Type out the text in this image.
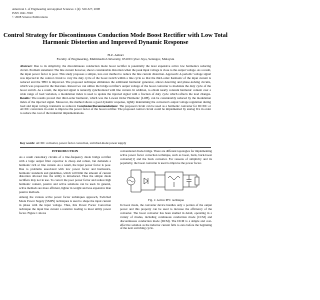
American J. of Engineering and Applied Sciences 1 (4): 320-327, 2008
ISSN 1941-7020
© 2008 Science Publications
Control Strategy for Discontinuous Conduction Mode Boost Rectifier with Low Total
Harmonic Distortion and Improved Dynamic Response
H.Z. Azhari
Faculty of Engineering, Multimedia University, 63100 Cyber Jaya, Selangor, Malaysia

Abstract: Due to its simplicity, the discontinuous conduction mode boost rectifier is potentially the least expensive active low harmonics reducing circuit. Problem statement: The line current however, shows considerable distortion when the peak input voltage is close to the output voltage. As a result, the input power factor is poor. This study proposes a simple, low-cost method to reduce the line current distortion. Approach: A periodic voltage signal was injected in the control circuit to vary the duty cycle of the boost switch within a line cycle so that the third-order harmonic of the input current is reduced and the THD is improved. The proposed technique eliminates the additional harmonic generator, allows detecting and phase-locking circuits, which was proposed in the literature. Instead we can utilize the bridge rectifier's output voltage of the boost converter to modulate the duty cycle of the boost switch. As a result, the injected signal is naturally synchronized with line current. In addition, to obtain nearly constant harmonic content over a wide range of load variation, a modulation index is used to update the injected signal with a fraction of duty cycle which reflects the load changes. Results: The results proved that third-order harmonic, which was the Lowest Order Harmonic (LOH), can be considerably reduced by the modulation index of the injected signal. Moreover, the method shows a good dynamic response, tightly maintaining the converter's output voltage regulation during load and input voltage transients as reduced. Conclusion/Recommendations: The proposed circuit can be used as a harmonic converter for DC/DC or AC/DC converters in order to improve the power factor of the boost rectifier. The proposed control circuit could be implemented by analog ICs in order to reduce the cost of the industrial implementations.

Key words: AC/DC converter, power factor correction, switched-mode power supply
INTRODUCTION

As a result customary circuits of a line-frequency diode bridge rectifier with a large output filter capacitor is cheap and robust, but demands a harmonic rich ac line current. As a result, the input power factor is poor. Due to problems associated with low power factor and harmonics, harmonic standards and guidelines, which will limit the amount of current distortion allowed into the utility is introduced. Thus the simple diode rectifiers may not in use. To correct the poor power factor and reduce high harmonic content, passive and active solutions can be used. In general, active methods are more efficient, lighter in weight and less expensive than passive methods.

Among the various active power factor techniques approach, Switched Mode Power Supply (SMPS) techniques is used to shape the input current in phase with the input voltage. Thus, this Power Factor Correction technique the input line current a resistive loading to most utility power factor. Figure 1 shows

conventional diode-bridge. There are different topologies for implementing active power factor correction technique, such as boost, buck, buck-boost converter[1] and the buck converter. For reasons of simplicity and its popularity, the boost converter is used to improve the power factor.

Fig. 1: Active PFC technique

In boost mode, the converter device handles only a portion of the output power and this property can be used to increase the efficiency of the converter. The boost converter has been studied in detail, operating in a variety of modes, including continuous conduction mode (CCM) and discontinuous conduction mode (DCM). The DCM is a simple and cost-effective solution as the inductor current falls to zero before the beginning of the next switching cycle.
